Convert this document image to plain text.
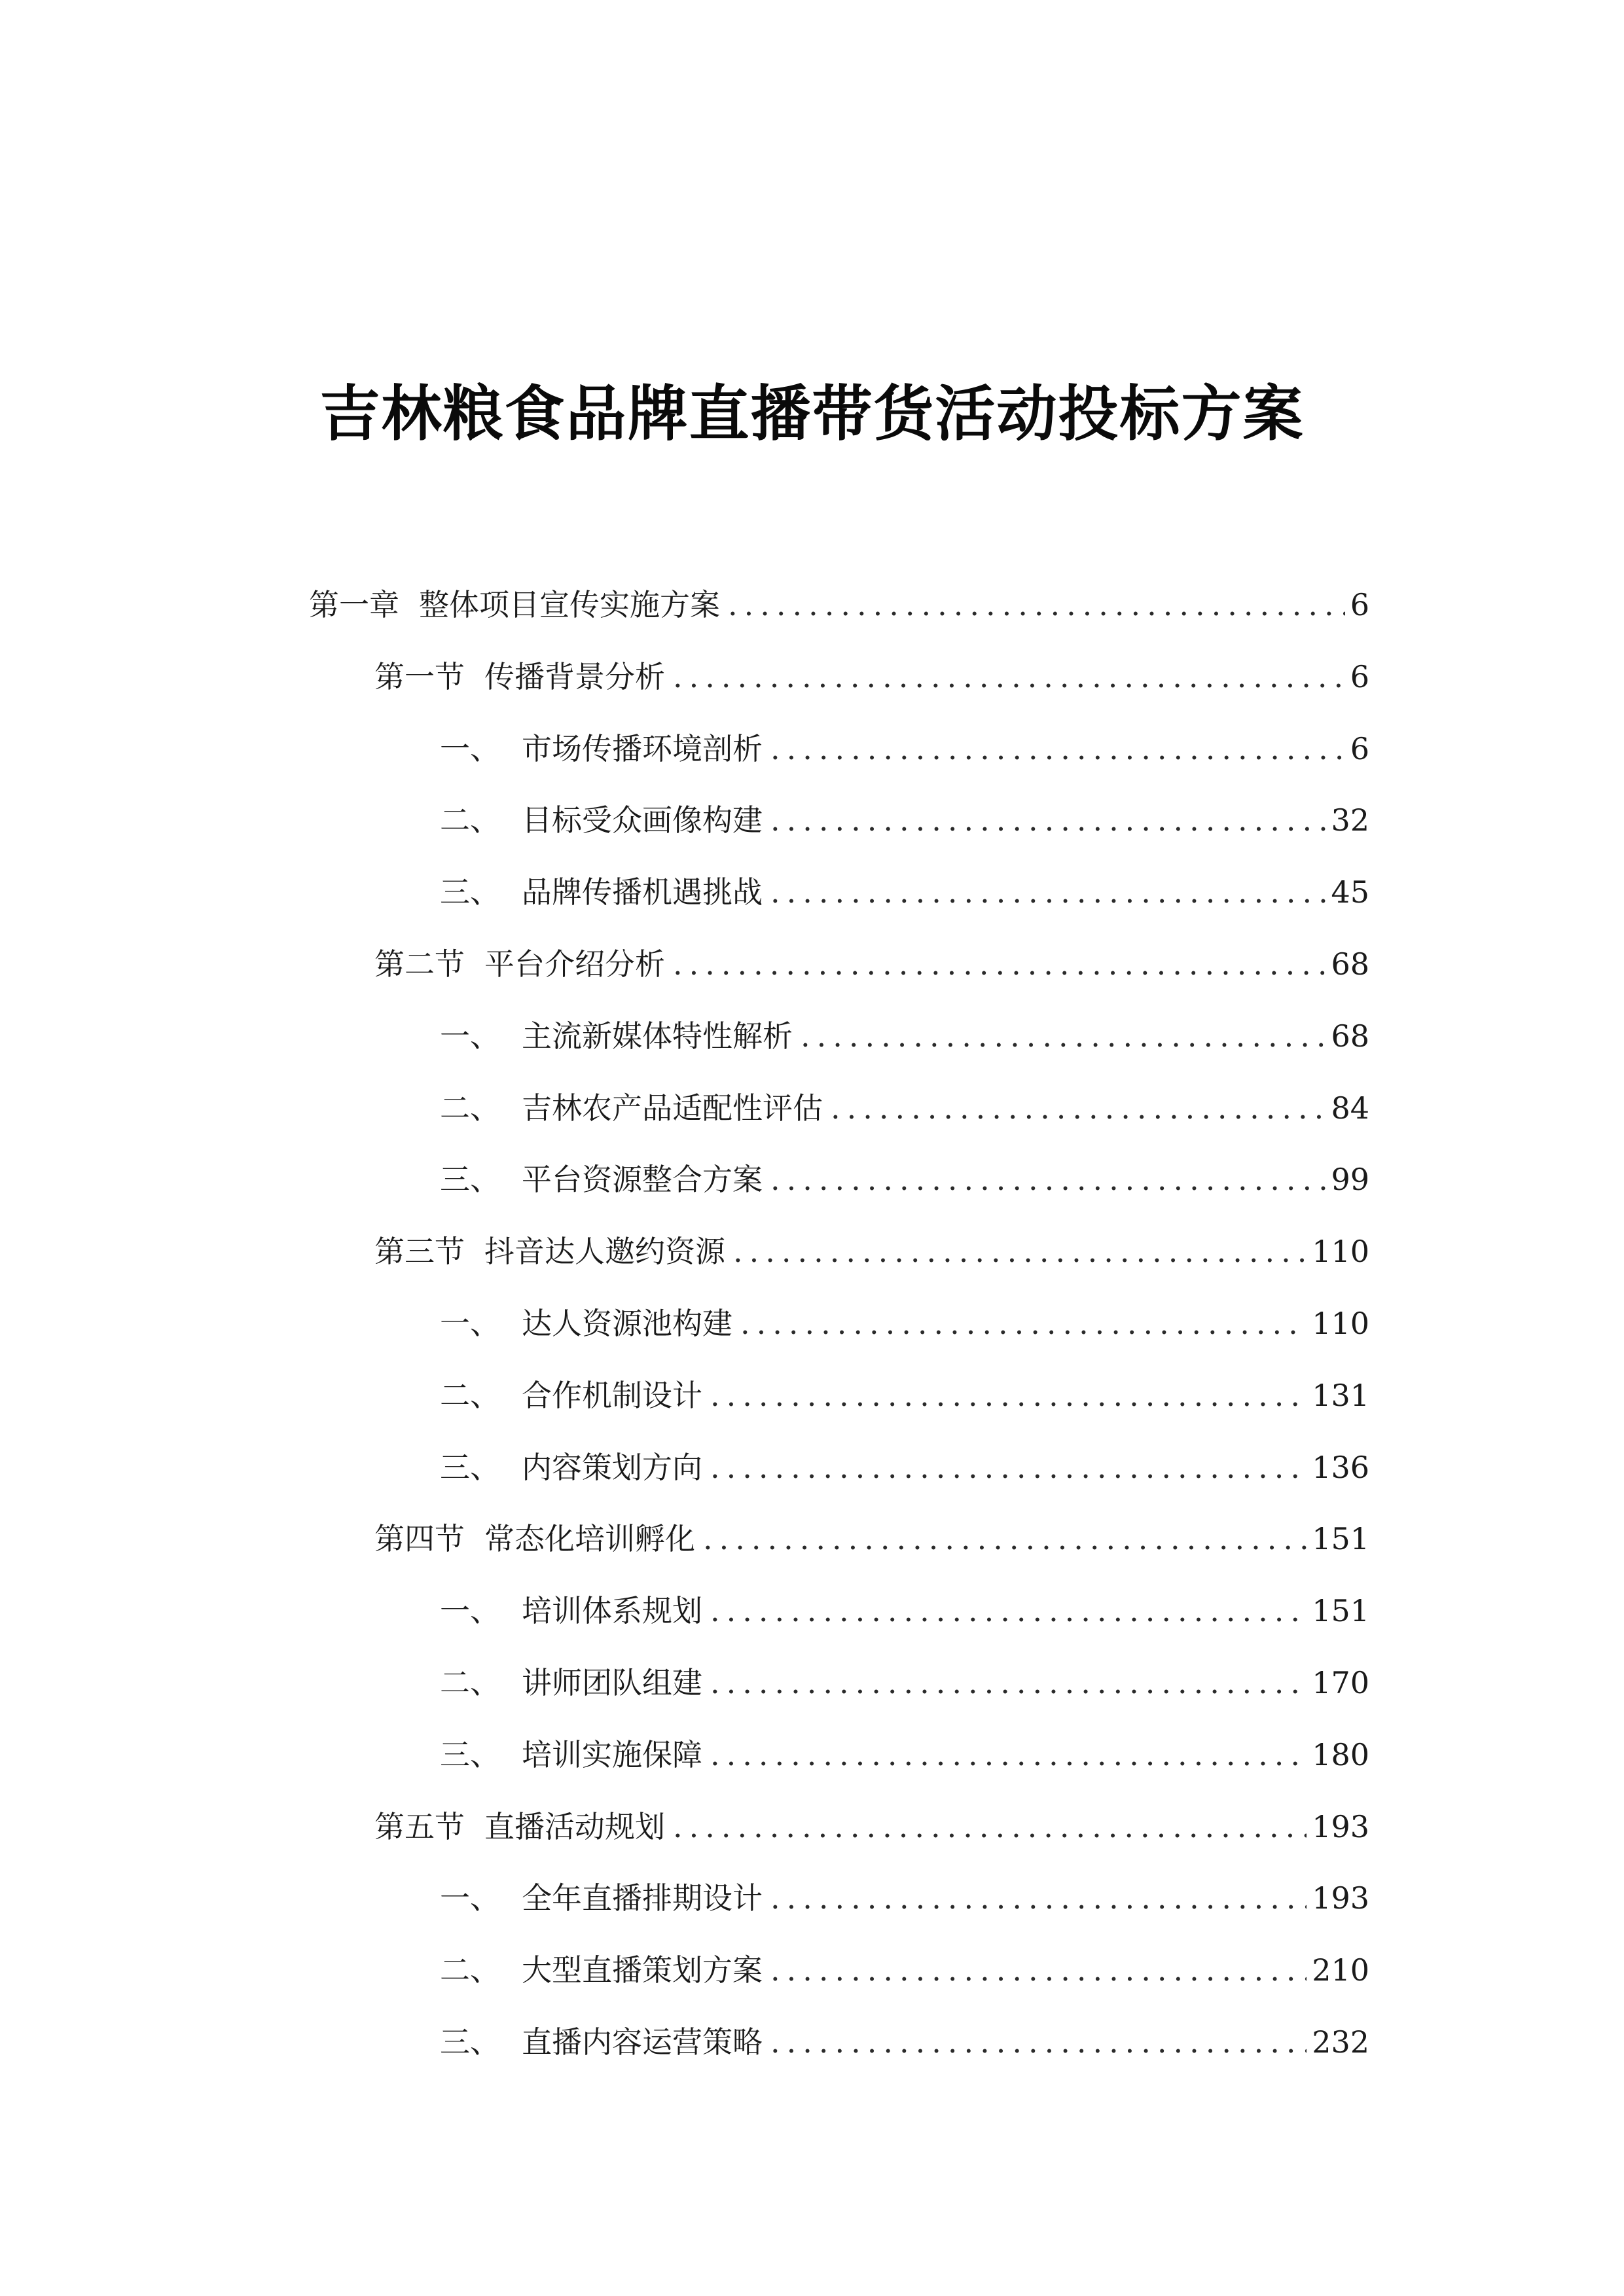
吉林粮食品牌直播带货活动投标方案
第一章 整体项目宣传实施方案 .....	6
第一节 传播背景分析 .....	6
一、 市场传播环境剖析 .....	6
二、 目标受众画像构建 .....	32
三、 品牌传播机遇挑战 .....	45
第二节 平台介绍分析 .....	68
一、 主流新媒体特性解析 .....	68
二、 吉林农产品适配性评估 .....	84
三、 平台资源整合方案 .....	99
第三节 抖音达人邀约资源 .....	110
一、 达人资源池构建 .....	110
二、 合作机制设计 .....	131
三、 内容策划方向 .....	136
第四节 常态化培训孵化 .....	151
一、 培训体系规划 .....	151
二、 讲师团队组建 .....	170
三、 培训实施保障 .....	180
第五节 直播活动规划 .....	193
一、 全年直播排期设计 .....	193
二、 大型直播策划方案 .....	210
三、 直播内容运营策略 .....	232
